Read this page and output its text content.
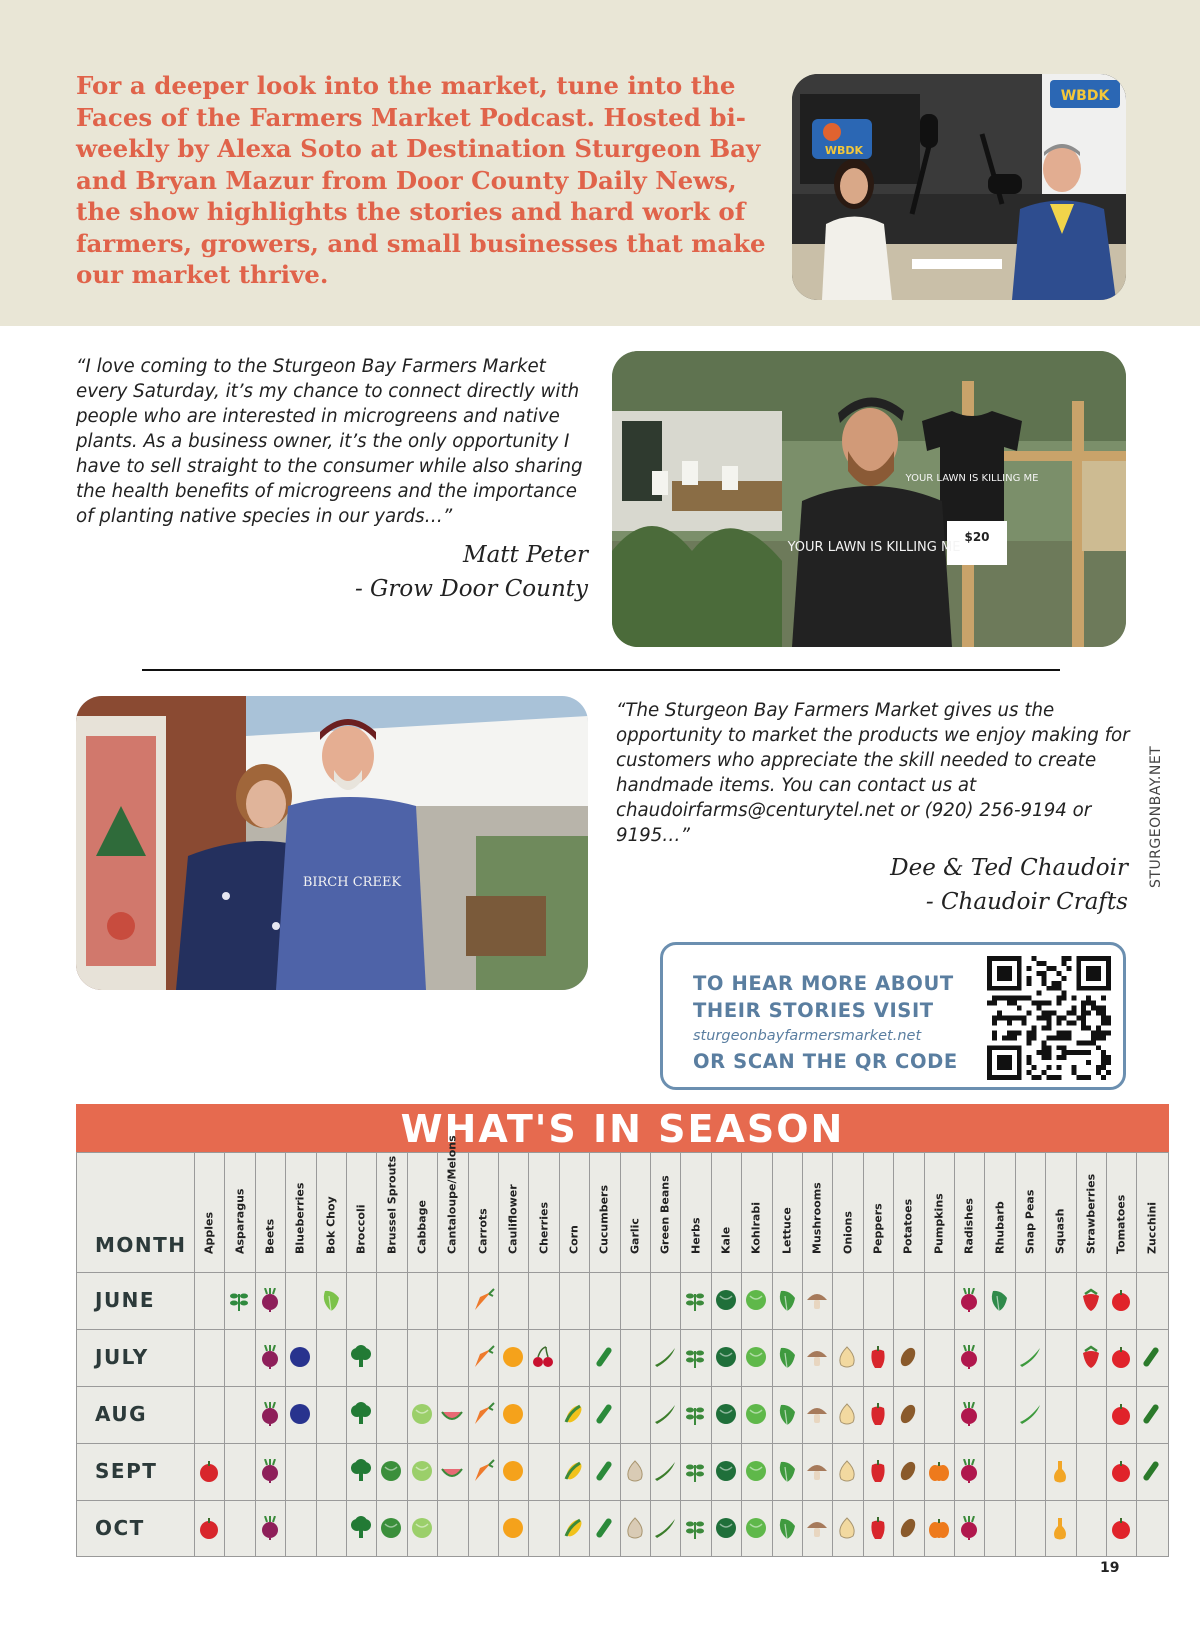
For a deeper look into the market, tune into the Faces of the Farmers Market Podcast. Hosted bi-weekly by Alexa Soto at Destination Sturgeon Bay and Bryan Mazur from Door County Daily News, the show highlights the stories and hard work of farmers, growers, and small businesses that make our market thrive.
WBDK
WBDK
“I love coming to the Sturgeon Bay Farmers Market every Saturday, it’s my chance to connect directly with people who are interested in microgreens and native plants. As a business owner, it’s the only opportunity I have to sell straight to the consumer while also sharing the health benefits of microgreens and the importance of planting native species in our yards…”
Matt Peter
- Grow Door County
YOUR LAWN IS KILLING ME
$20
YOUR LAWN IS KILLING ME
BIRCH CREEK
“The Sturgeon Bay Farmers Market gives us the opportunity to market the products we enjoy making for customers who appreciate the skill needed to create handmade items. You can contact us at chaudoirfarms@centurytel.net or (920) 256-9194 or 9195…”
Dee & Ted Chaudoir
- Chaudoir Crafts
STURGEONBAY.NET
TO HEAR MORE ABOUT
THEIR STORIES VISIT
sturgeonbayfarmersmarket.net
OR SCAN THE QR CODE
WHAT'S IN SEASON
MONTH Apples Asparagus Beets Blueberries Bok Choy Broccoli Brussel Sprouts Cabbage Cantaloupe/Melons Carrots Cauliflower Cherries Corn Cucumbers Garlic Green Beans Herbs Kale Kohlrabi Lettuce Mushrooms Onions Peppers Potatoes Pumpkins Radishes Rhubarb Snap Peas Squash Strawberries Tomatoes Zucchini
JUNE
JULY
AUG
SEPT
OCT
19
